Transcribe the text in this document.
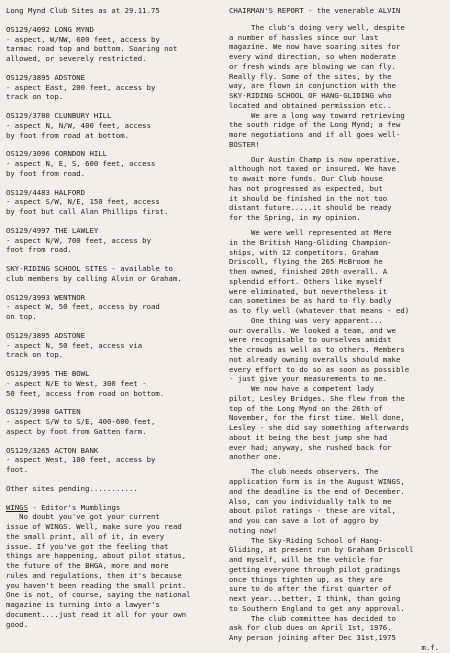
Long Mynd Club Sites as at 29.11.75
OS129/4092 LONG MYND
- aspect, W/NW, 600 feet, access by
tarmac road top and bottom. Soaring not
allowed, or severely restricted.
OS129/3895 ADSTONE
- aspect East, 200 feet, access by
track on top.
OS129/3780 CLUNBURY HILL
- aspect N, N/W, 400 feet, access
by foot from road at bottom.
OS129/3096 CORNDON HILL
- aspect N, E, S, 600 feet, access
by foot from road.
OS129/4483 HALFORD
- aspect S/W, N/E, 150 feet, access
by foot but call Alan Phillips first.
OS129/4997 THE LAWLEY
- aspect N/W, 700 feet, access by
foot from road.
SKY-RIDING SCHOOL SITES - available to
club members by calling Alvin or Graham.
OS129/3993 WENTNOR
- aspect W, 50 feet, access by road
on top.
OS129/3895 ADSTONE
- aspect N, 50 feet, access via
track on top.
OS129/3995 THE BOWL
- aspect N/E to West, 300 feet -
50 feet, access from road on bottom.
OS129/3998 GATTEN
- aspect S/W to S/E, 400-600 feet,
aspect by foot from Gatten farm.
OS129/3265 ACTON BANK
- aspect West, 100 feet, access by
foot.
Other sites pending...........
WINGS - Editor's Mumblings
No doubt you've got your current
issue of WINGS. Well, make sure you read
the small print, all of it, in every
issue. If you've got the feeling that
things are happening, about pilot status,
the future of the BHGA, more and more
rules and regulations, then it's because
you haven't been reading the small print.
One is not, of course, saying the national
magazine is turning into a lawyer's
document....just read it all for your own
good.
CHAIRMAN'S REPORT - the venerable ALVIN
The club's doing very well, despite
a number of hassles since our last
magazine. We now have soaring sites for
every wind direction, so when moderate
or fresh winds are blowing we can fly.
Really fly. Some of the sites, by the
way, are flown in conjunction with the
SKY-RIDING SCHOOL OF HANG-GLIDING who
located and obtained permission etc..
We are a long way toward retrieving
the south ridge of the Long Mynd; a few
more negotiations and if all goes well-
BOSTER!
Our Austin Champ is now operative,
although not taxed or insured. We have
to await more funds. Our Club house
has not progressed as expected, but
it should be finished in the not too
distant future.....it should be ready
for the Spring, in my opinion.
We were well represented at Mere
in the British Hang-Gliding Champion-
ships, with 12 competitors. Graham
Driscoll, flying the 265 McBroom he
then owned, finished 20th overall. A
splendid effort. Others like myself
were eliminated, but nevertheless it
can sometimes be as hard to fly badly
as to fly well (whatever that means - ed)
One thing was very apparent...
our overalls. We looked a team, and we
were recognisable to ourselves amidst
the crowds as well as to others. Members
not already owning overalls should make
every effort to do so as soon as possible
- just give your measurements to me.
We now have a competent lady
pilot, Lesley Bridges. She flew from the
top of the Long Mynd on the 26th of
November, for the first time. Well done,
Lesley - she did say something afterwards
about it being the best jump she had
ever had; anyway, she rushed back for
another one.
The club needs observers. The
application form is in the August WINGS,
and the deadline is the end of December.
Also, can you individually talk to me
about pilot ratings - these are vital,
and you can save a lot of aggro by
noting now!
The Sky-Riding School of Hang-
Gliding, at present run by Graham Driscoll
and myself, will be the vehicle for
getting everyone through pilot gradings
once things tighten up, as they are
sure to do after the first quarter of
next year...better, I think, than going
to Southern England to get any approval.
The club committee has decided to
ask for club dues on April 1st, 1976.
Any person joining after Dec 31st,1975
m.f.
